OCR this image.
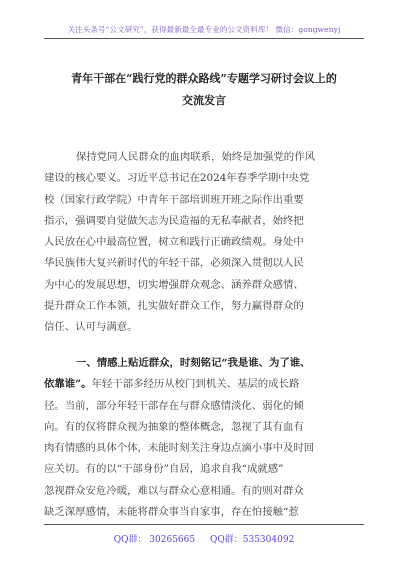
关注头条号“公文研究”，获得最新最全最专业的公文资料库！ 微信：gongwenyj
青年干部在“践行党的群众路线”专题学习研讨会议上的
交流发言
保持党同人民群众的血肉联系，始终是加强党的作风
建设的核心要义。习近平总书记在2024年春季学期中央党
校（国家行政学院）中青年干部培训班开班之际作出重要
指示，强调要自觉做矢志为民造福的无私奉献者，始终把
人民放在心中最高位置，树立和践行正确政绩观。身处中
华民族伟大复兴新时代的年轻干部，必须深入贯彻以人民
为中心的发展思想，切实增强群众观念、涵养群众感情、
提升群众工作本领，扎实做好群众工作，努力赢得群众的
信任、认可与满意。
一、情感上贴近群众，时刻铭记“我是谁、为了谁、
依靠谁”。年轻干部多经历从校门到机关、基层的成长路
径。当前，部分年轻干部存在与群众感情淡化、弱化的倾
向。有的仅将群众视为抽象的整体概念，忽视了其有血有
肉有情感的具体个体，未能时刻关注身边点滴小事中及时回
应关切。有的以“干部身份”自居，追求自我“成就感”
忽视群众安危冷暖，难以与群众心意相通。有的则对群众
缺乏深厚感情，未能将群众事当自家事，存在怕接触“惹
QQ群： 30265665 QQ群：535304092
